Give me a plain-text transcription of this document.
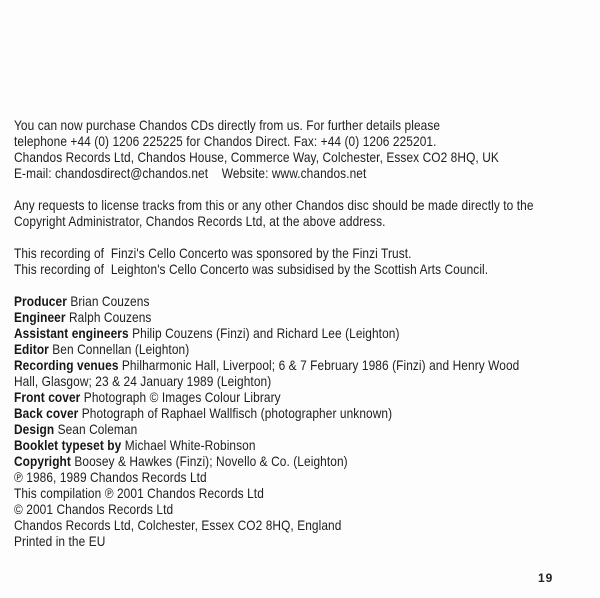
You can now purchase Chandos CDs directly from us. For further details please
telephone +44 (0) 1206 225225 for Chandos Direct. Fax: +44 (0) 1206 225201.
Chandos Records Ltd, Chandos House, Commerce Way, Colchester, Essex CO2 8HQ, UK
E-mail: chandosdirect@chandos.net    Website: www.chandos.net
Any requests to license tracks from this or any other Chandos disc should be made directly to the
Copyright Administrator, Chandos Records Ltd, at the above address.
This recording of  Finzi's Cello Concerto was sponsored by the Finzi Trust.
This recording of  Leighton's Cello Concerto was subsidised by the Scottish Arts Council.
Producer Brian Couzens
Engineer Ralph Couzens
Assistant engineers Philip Couzens (Finzi) and Richard Lee (Leighton)
Editor Ben Connellan (Leighton)
Recording venues Philharmonic Hall, Liverpool; 6 & 7 February 1986 (Finzi) and Henry Wood
Hall, Glasgow; 23 & 24 January 1989 (Leighton)
Front cover Photograph © Images Colour Library
Back cover Photograph of Raphael Wallfisch (photographer unknown)
Design Sean Coleman
Booklet typeset by Michael White-Robinson
Copyright Boosey & Hawkes (Finzi); Novello & Co. (Leighton)
℗ 1986, 1989 Chandos Records Ltd
This compilation ℗ 2001 Chandos Records Ltd
© 2001 Chandos Records Ltd
Chandos Records Ltd, Colchester, Essex CO2 8HQ, England
Printed in the EU
19
